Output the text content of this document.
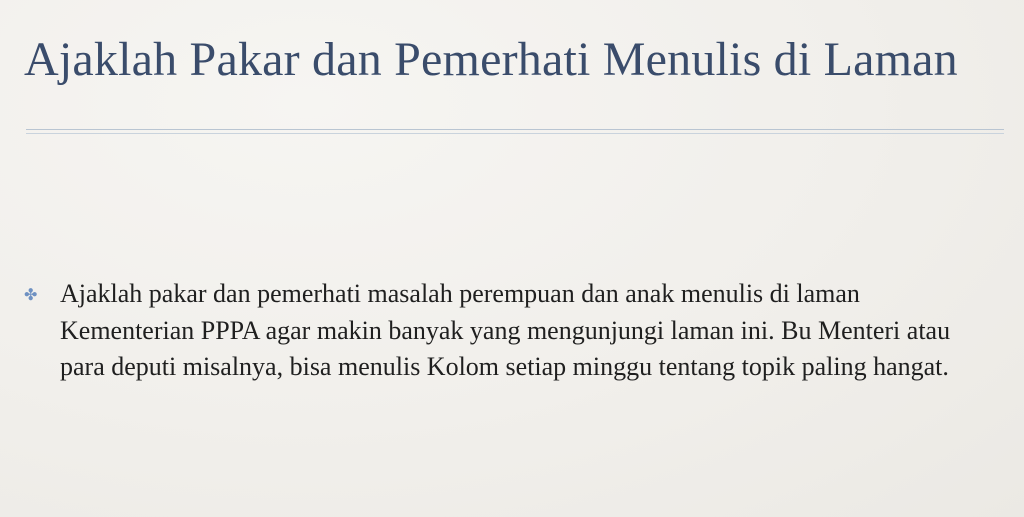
Ajaklah Pakar dan Pemerhati Menulis di Laman
✤ Ajaklah pakar dan pemerhati masalah perempuan dan anak menulis di laman Kementerian PPPA agar makin banyak yang mengunjungi laman ini. Bu Menteri atau para deputi misalnya, bisa menulis Kolom setiap minggu tentang topik paling hangat.
